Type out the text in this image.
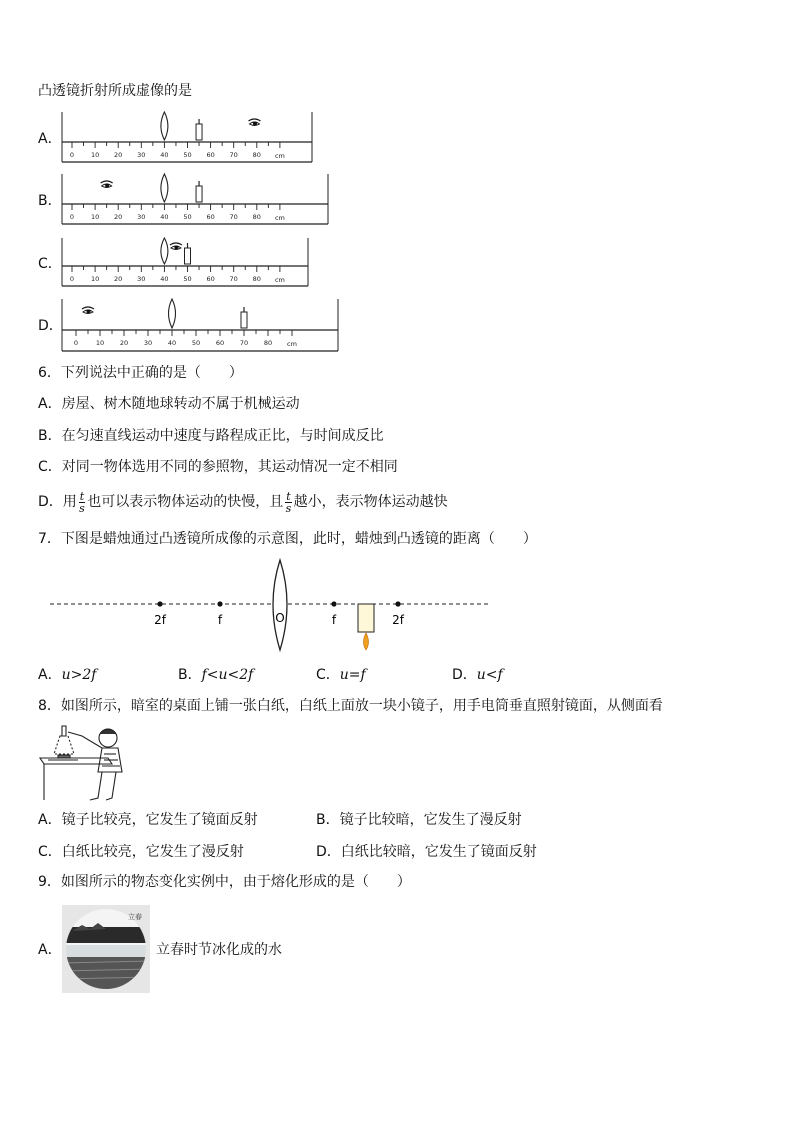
凸透镜折射所成虚像的是
A．
0	10 20 30 40 50 60 70 80 cm
B．
0	10 20 30 40 50 60 70 80 cm
C．
0	10 20 30 40 50 60 70 80 cm
D．
0	10 20 30 40 50 60 70 80 cm
6．下列说法中正确的是（　　）
A．房屋、树木随地球转动不属于机械运动
B．在匀速直线运动中速度与路程成正比，与时间成反比
C．对同一物体选用不同的参照物，其运动情况一定不相同
D．用 $\frac{t}{s}$ 也可以表示物体运动的快慢，且 $\frac{t}{s}$ 越小，表示物体运动越快
7．下图是蜡烛通过凸透镜所成像的示意图，此时，蜡烛到凸透镜的距离（　　）
2f	f	O	f	2f
A．u>2f	B．f<u<2f	C．u=f	D．u<f
8．如图所示，暗室的桌面上铺一张白纸，白纸上面放一块小镜子，用手电筒垂直照射镜面，从侧面看
A．镜子比较亮，它发生了镜面反射	B．镜子比较暗，它发生了漫反射
C．白纸比较亮，它发生了漫反射	D．白纸比较暗，它发生了镜面反射
9．如图所示的物态变化实例中，由于熔化形成的是（　　）
A．
立春
立春时节冰化成的水
